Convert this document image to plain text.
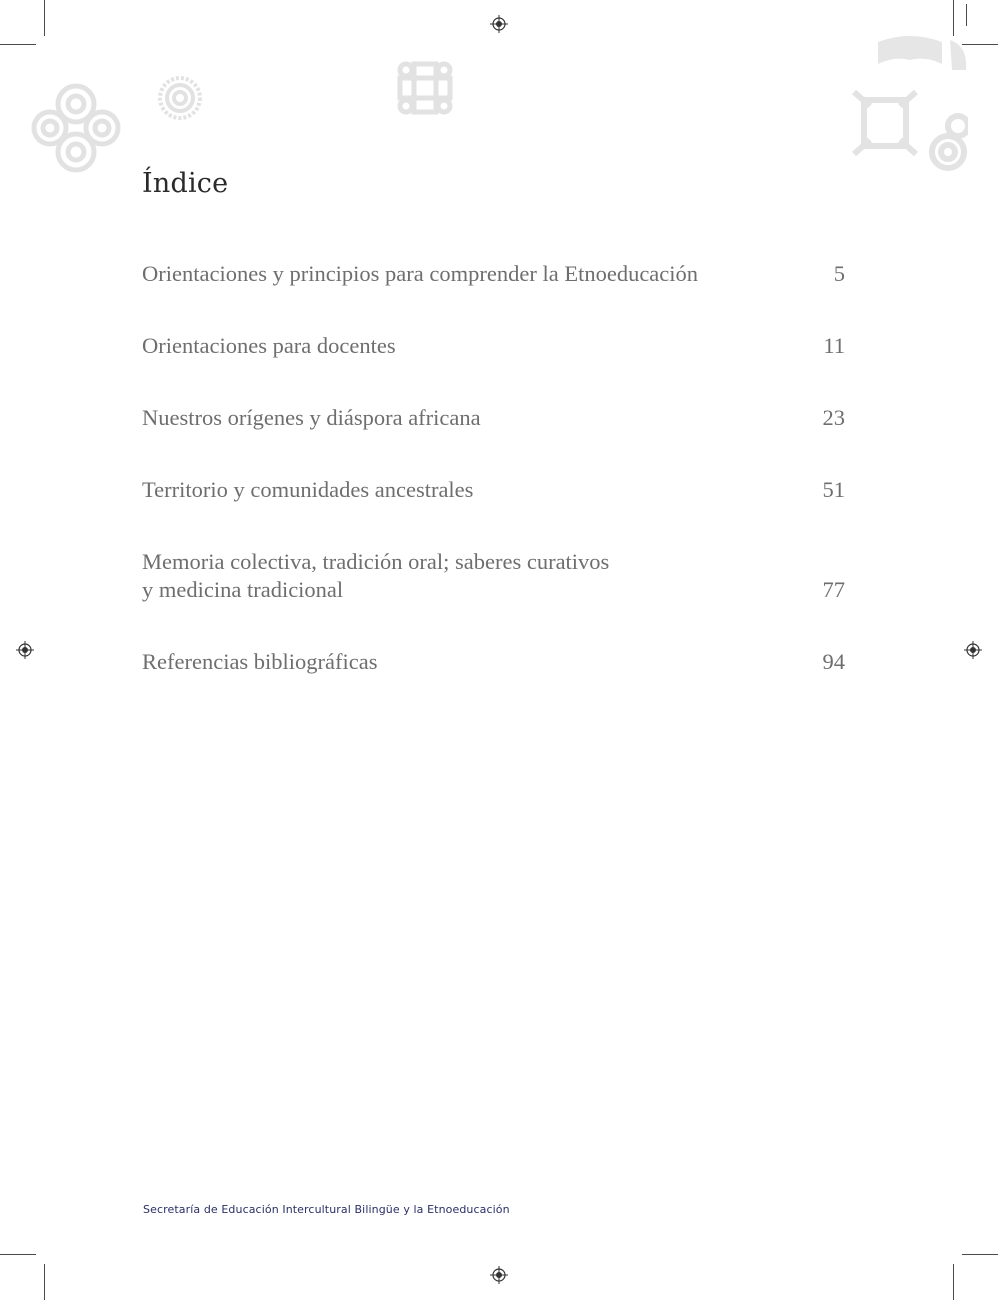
Índice
Orientaciones y principios para comprender la Etnoeducación	5
Orientaciones para docentes	11
Nuestros orígenes y diáspora africana	23
Territorio y comunidades ancestrales	51
Memoria colectiva, tradición oral; saberes curativos
y medicina tradicional	77
Referencias bibliográficas	94
Secretaría de Educación Intercultural Bilingüe y la Etnoeducación
